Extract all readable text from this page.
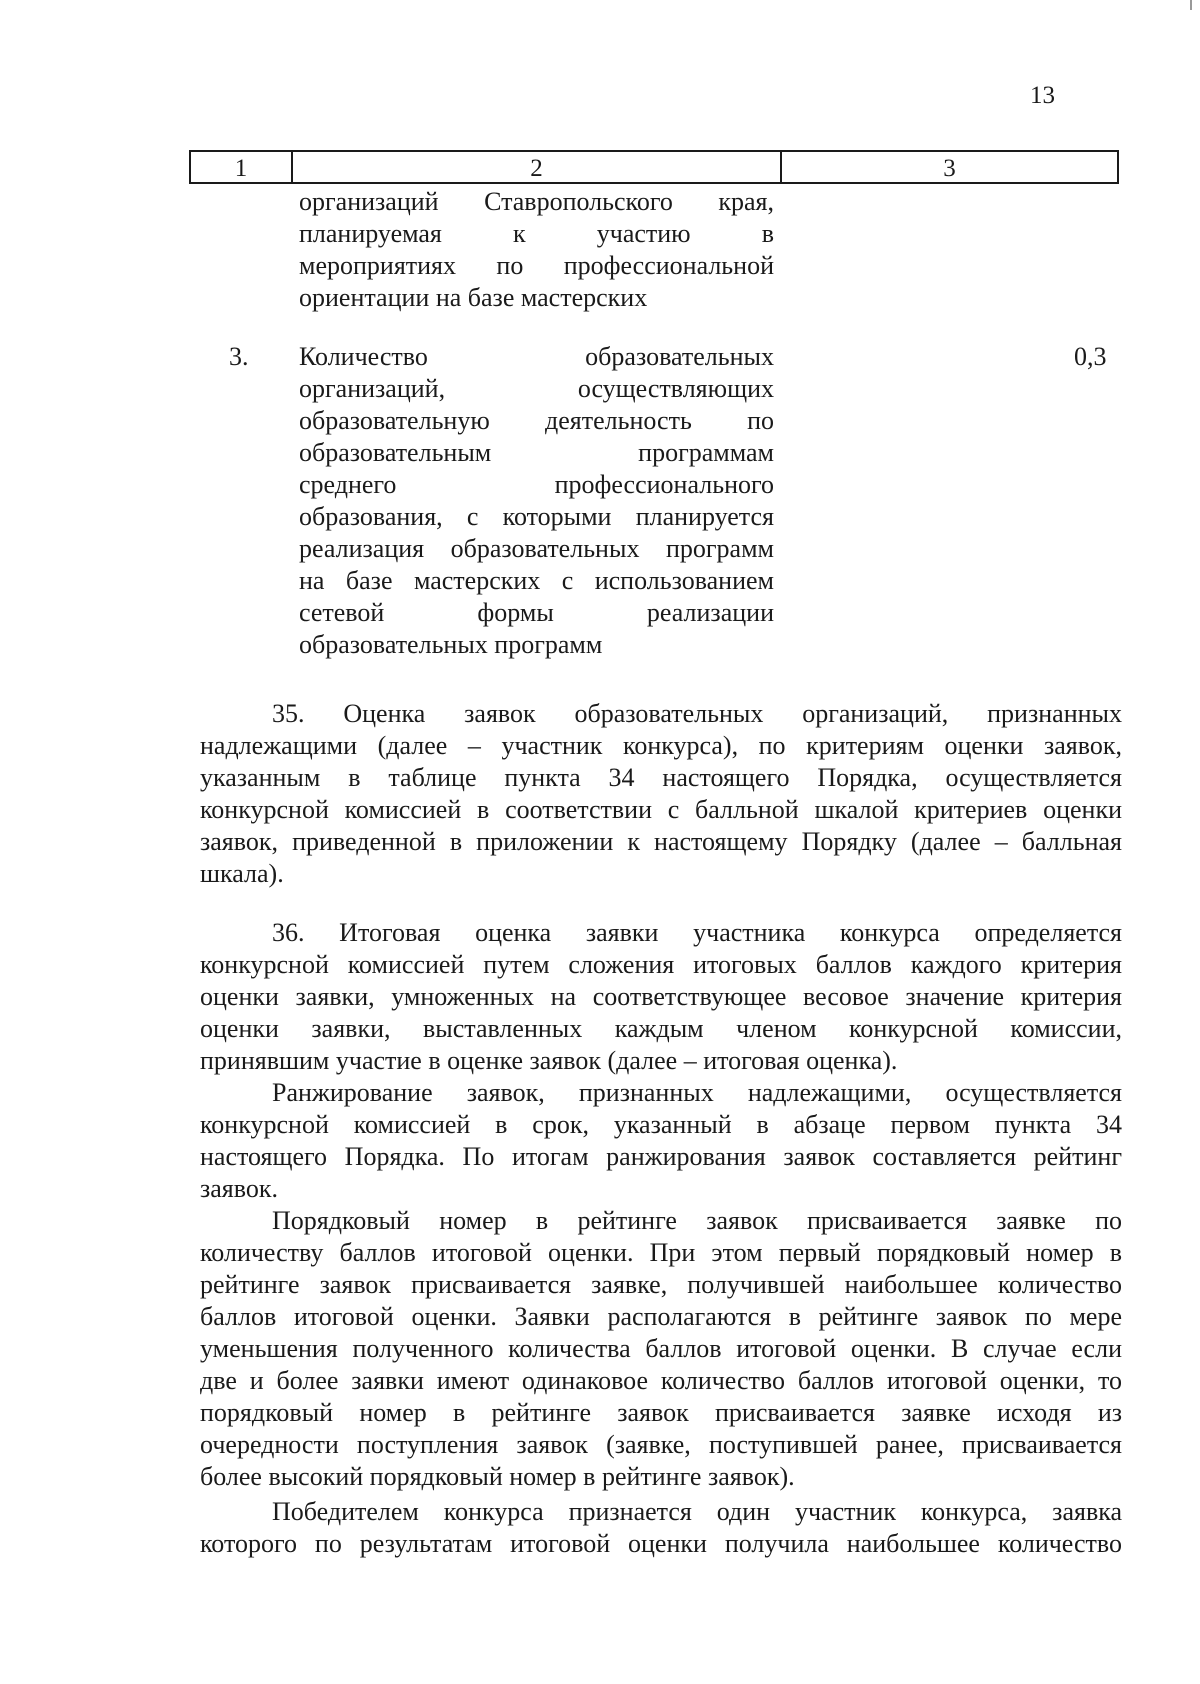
13
1	2	3
организаций Ставропольского края,
планируемая к участию в
мероприятиях по профессиональной
ориентации на базе мастерских
3. Количество образовательных
организаций, осуществляющих
образовательную деятельность по
образовательным программам
среднего профессионального
образования, с которыми планируется
реализация образовательных программ
на базе мастерских с использованием
сетевой формы реализации
образовательных программ
0,3
35. Оценка заявок образовательных организаций, признанных
надлежащими (далее – участник конкурса), по критериям оценки заявок,
указанным в таблице пункта 34 настоящего Порядка, осуществляется
конкурсной комиссией в соответствии с балльной шкалой критериев оценки
заявок, приведенной в приложении к настоящему Порядку (далее – балльная
шкала).
36. Итоговая оценка заявки участника конкурса определяется
конкурсной комиссией путем сложения итоговых баллов каждого критерия
оценки заявки, умноженных на соответствующее весовое значение критерия
оценки заявки, выставленных каждым членом конкурсной комиссии,
принявшим участие в оценке заявок (далее – итоговая оценка).
Ранжирование заявок, признанных надлежащими, осуществляется
конкурсной комиссией в срок, указанный в абзаце первом пункта 34
настоящего Порядка. По итогам ранжирования заявок составляется рейтинг
заявок.
Порядковый номер в рейтинге заявок присваивается заявке по
количеству баллов итоговой оценки. При этом первый порядковый номер в
рейтинге заявок присваивается заявке, получившей наибольшее количество
баллов итоговой оценки. Заявки располагаются в рейтинге заявок по мере
уменьшения полученного количества баллов итоговой оценки. В случае если
две и более заявки имеют одинаковое количество баллов итоговой оценки, то
порядковый номер в рейтинге заявок присваивается заявке исходя из
очередности поступления заявок (заявке, поступившей ранее, присваивается
более высокий порядковый номер в рейтинге заявок).
Победителем конкурса признается один участник конкурса, заявка
которого по результатам итоговой оценки получила наибольшее количество
